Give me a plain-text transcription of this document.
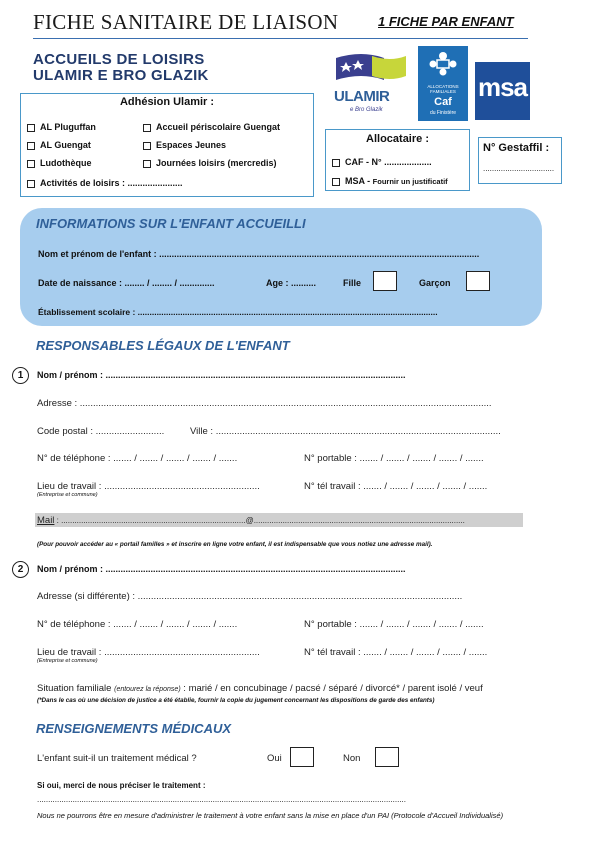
FICHE SANITAIRE DE LIAISON	1 FICHE PAR ENFANT
ACCUEILS DE LOISIRS
ULAMIR E BRO GLAZIK
ULAMIR
e Bro Glazik
ALLOCATIONS FAMILIALES
Caf
du Finistère
msa
Adhésion Ulamir :
AL Pluguffan
AL Guengat
Ludothèque
Accueil périscolaire Guengat
Espaces Jeunes
Journées loisirs (mercredis)
Activités de loisirs : ......................
Allocataire :
CAF - N° ...................
MSA - Fournir un justificatif
N° Gestaffil :
................................
INFORMATIONS SUR L'ENFANT ACCUEILLI
Nom et prénom de l'enfant : ................................................................................................................................
Date de naissance : ........ / ........ / ..............	Age : ..........	Fille	Garçon
Établissement scolaire : ...............................................................................................................................
RESPONSABLES LÉGAUX DE L'ENFANT
1	Nom / prénom : ........................................................................................................................
Adresse : ............................................................................................................................................................
Code postal : ..........................	Ville : ............................................................................................................
N° de téléphone : ....... / ....... / ....... / ....... / .......	N° portable : ....... / ....... / ....... / ....... / .......
Lieu de travail : ...........................................................
(Entreprise et commune)
N° tél travail : ....... / ....... / ....... / ....... / .......
Mail : ...................................................................................@...............................................................................................
(Pour pouvoir accéder au « portail familles » et inscrire en ligne votre enfant, il est indispensable que vous notiez une adresse mail).
2	Nom / prénom : ........................................................................................................................
Adresse (si différente) : ...........................................................................................................................
N° de téléphone : ....... / ....... / ....... / ....... / .......	N° portable : ....... / ....... / ....... / ....... / .......
Lieu de travail : ...........................................................
(Entreprise et commune)
N° tél travail : ....... / ....... / ....... / ....... / .......
Situation familiale (entourez la réponse) : marié / en concubinage / pacsé / séparé / divorcé* / parent isolé / veuf
(*Dans le cas où une décision de justice a été établie, fournir la copie du jugement concernant les dispositions de garde des enfants)
RENSEIGNEMENTS MÉDICAUX
L'enfant suit-il un traitement médical ?	Oui	Non
Si oui, merci de nous préciser le traitement :
......................................................................................................................................................................
Nous ne pourrons être en mesure d'administrer le traitement à votre enfant sans la mise en place d'un PAI (Protocole d'Accueil Individualisé)
